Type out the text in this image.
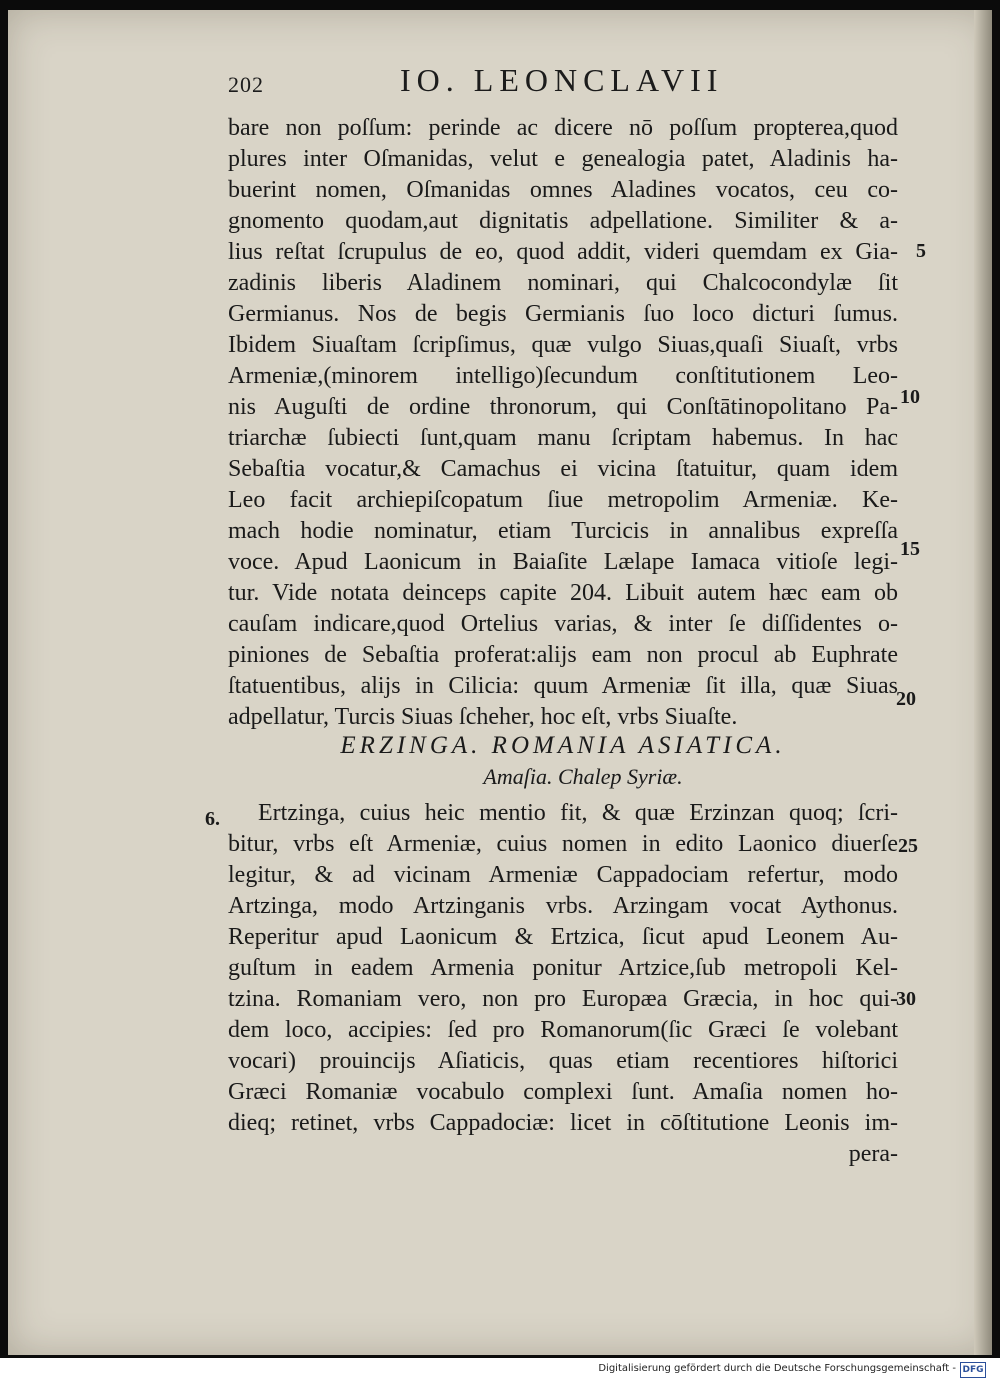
202	IO. LEONCLAVII
bare non poſſum: perinde ac dicere nō poſſum propterea,quod
plures inter Oſmanidas, velut e genealogia patet, Aladinis ha-
buerint nomen, Oſmanidas omnes Aladines vocatos, ceu co-
gnomento quodam,aut dignitatis adpellatione. Similiter & a-
lius reſtat ſcrupulus de eo, quod addit, videri quemdam ex Gia-
zadinis liberis Aladinem nominari, qui Chalcocondylæ ſit
Germianus. Nos de begis Germianis ſuo loco dicturi ſumus.
Ibidem Siuaſtam ſcripſimus, quæ vulgo Siuas,quaſi Siuaſt, vrbs
Armeniæ,(minorem intelligo)ſecundum conſtitutionem Leo-
nis Auguſti de ordine thronorum, qui Conſtātinopolitano Pa-
triarchæ ſubiecti ſunt,quam manu ſcriptam habemus. In hac
Sebaſtia vocatur,& Camachus ei vicina ſtatuitur, quam idem
Leo facit archiepiſcopatum ſiue metropolim Armeniæ. Ke-
mach hodie nominatur, etiam Turcicis in annalibus expreſſa
voce. Apud Laonicum in Baiaſite Lælape Iamaca vitioſe legi-
tur. Vide notata deinceps capite 204. Libuit autem hæc eam ob
cauſam indicare,quod Ortelius varias, & inter ſe diſſidentes o-
piniones de Sebaſtia proferat:alijs eam non procul ab Euphrate
ſtatuentibus, alijs in Cilicia: quum Armeniæ ſit illa, quæ Siuas
adpellatur, Turcis Siuas ſcheher, hoc eſt, vrbs Siuaſte.
ERZINGA. ROMANIA ASIATICA.
Amaſia. Chalep Syriæ.
6.	Ertzinga, cuius heic mentio fit, & quæ Erzinzan quoq; ſcri-
bitur, vrbs eſt Armeniæ, cuius nomen in edito Laonico diuerſe
legitur, & ad vicinam Armeniæ Cappadociam refertur, modo
Artzinga, modo Artzinganis vrbs. Arzingam vocat Aythonus.
Reperitur apud Laonicum & Ertzica, ſicut apud Leonem Au-
guſtum in eadem Armenia ponitur Artzice,ſub metropoli Kel-
tzina. Romaniam vero, non pro Europæa Græcia, in hoc qui-
dem loco, accipies: ſed pro Romanorum(ſic Græci ſe volebant
vocari) prouincijs Aſiaticis, quas etiam recentiores hiſtorici
Græci Romaniæ vocabulo complexi ſunt. Amaſia nomen ho-
dieq; retinet, vrbs Cappadociæ: licet in cōſtitutione Leonis im-
pera-
5
10
15
20
25
30
Digitalisierung gefördert durch die Deutsche Forschungsgemeinschaft - DFG
